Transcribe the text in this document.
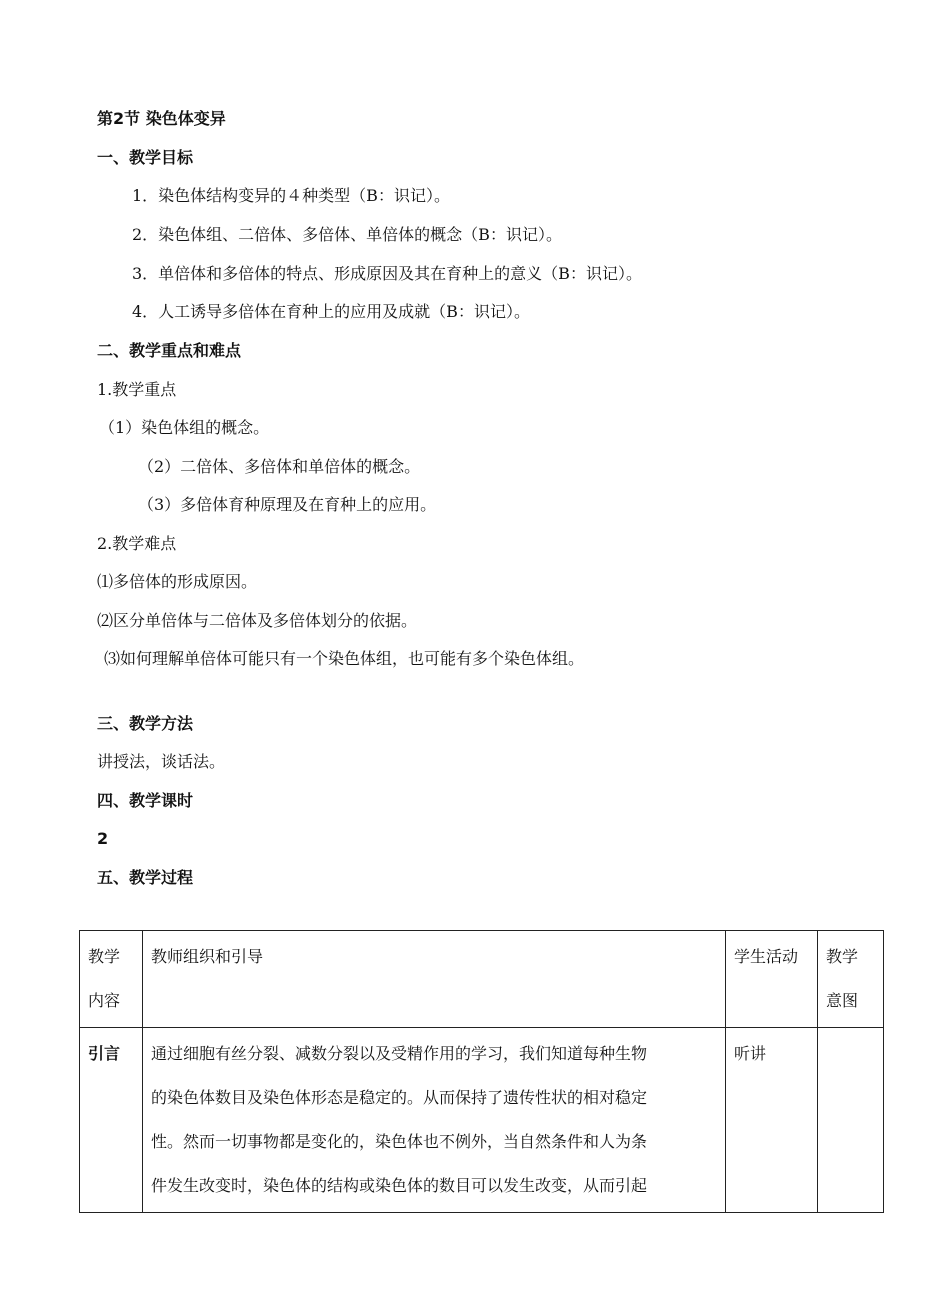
第2节 染色体变异
一、教学目标
1．染色体结构变异的４种类型（B：识记）。
2．染色体组、二倍体、多倍体、单倍体的概念（B：识记）。
3．单倍体和多倍体的特点、形成原因及其在育种上的意义（B：识记）。
4．人工诱导多倍体在育种上的应用及成就（B：识记）。
二、教学重点和难点
1.教学重点
（1）染色体组的概念。
（2）二倍体、多倍体和单倍体的概念。
（3）多倍体育种原理及在育种上的应用。
2.教学难点
⑴多倍体的形成原因。
⑵区分单倍体与二倍体及多倍体划分的依据。
⑶如何理解单倍体可能只有一个染色体组，也可能有多个染色体组。
三、教学方法
讲授法，谈话法。
四、教学课时
2
五、教学过程
教学
内容	教师组织和引导	学生活动	教学
意图

引言	通过细胞有丝分裂、减数分裂以及受精作用的学习，我们知道每种生物
的染色体数目及染色体形态是稳定的。从而保持了遗传性状的相对稳定
性。然而一切事物都是变化的，染色体也不例外，当自然条件和人为条
件发生改变时，染色体的结构或染色体的数目可以发生改变，从而引起	听讲	
